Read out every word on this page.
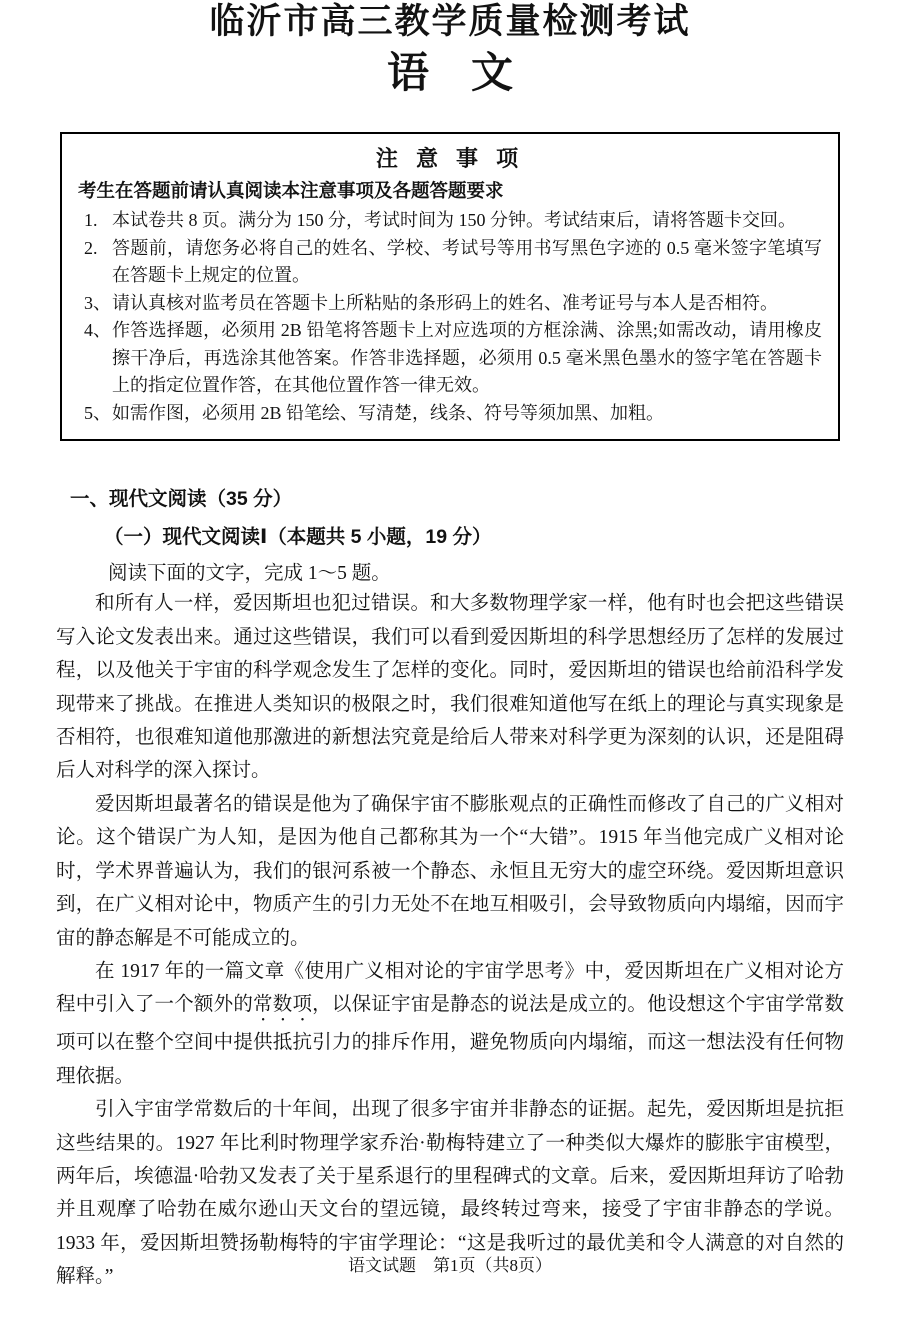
临沂市高三教学质量检测考试
语　文
注 意 事 项
考生在答题前请认真阅读本注意事项及各题答题要求
1. 本试卷共 8 页。满分为 150 分，考试时间为 150 分钟。考试结束后，请将答题卡交回。
2. 答题前，请您务必将自己的姓名、学校、考试号等用书写黑色字迹的 0.5 毫米签字笔填写在答题卡上规定的位置。
3、 请认真核对监考员在答题卡上所粘贴的条形码上的姓名、准考证号与本人是否相符。
4、 作答选择题，必须用 2B 铅笔将答题卡上对应选项的方框涂满、涂黑;如需改动，请用橡皮擦干净后，再选涂其他答案。作答非选择题，必须用 0.5 毫米黑色墨水的签字笔在答题卡上的指定位置作答，在其他位置作答一律无效。
5、 如需作图，必须用 2B 铅笔绘、写清楚，线条、符号等须加黑、加粗。
一、现代文阅读（35 分）
（一）现代文阅读Ⅰ（本题共 5 小题，19 分）
阅读下面的文字，完成 1～5 题。

和所有人一样，爱因斯坦也犯过错误。和大多数物理学家一样，他有时也会把这些错误写入论文发表出来。通过这些错误，我们可以看到爱因斯坦的科学思想经历了怎样的发展过程，以及他关于宇宙的科学观念发生了怎样的变化。同时，爱因斯坦的错误也给前沿科学发现带来了挑战。在推进人类知识的极限之时，我们很难知道他写在纸上的理论与真实现象是否相符，也很难知道他那激进的新想法究竟是给后人带来对科学更为深刻的认识，还是阻碍后人对科学的深入探讨。

爱因斯坦最著名的错误是他为了确保宇宙不膨胀观点的正确性而修改了自己的广义相对论。这个错误广为人知，是因为他自己都称其为一个“大错”。1915 年当他完成广义相对论时，学术界普遍认为，我们的银河系被一个静态、永恒且无穷大的虚空环绕。爱因斯坦意识到，在广义相对论中，物质产生的引力无处不在地互相吸引，会导致物质向内塌缩，因而宇宙的静态解是不可能成立的。

在 1917 年的一篇文章《使用广义相对论的宇宙学思考》中，爱因斯坦在广义相对论方程中引入了一个额外的常数项，以保证宇宙是静态的说法是成立的。他设想这个宇宙学常数项可以在整个空间中提供抵抗引力的排斥作用，避免物质向内塌缩，而这一想法没有任何物理依据。

引入宇宙学常数后的十年间，出现了很多宇宙并非静态的证据。起先，爱因斯坦是抗拒这些结果的。1927 年比利时物理学家乔治·勒梅特建立了一种类似大爆炸的膨胀宇宙模型，两年后，埃德温·哈勃又发表了关于星系退行的里程碑式的文章。后来，爱因斯坦拜访了哈勃并且观摩了哈勃在威尔逊山天文台的望远镜，最终转过弯来，接受了宇宙非静态的学说。1933 年，爱因斯坦赞扬勒梅特的宇宙学理论：“这是我听过的最优美和令人满意的对自然的解释。”

语文试题　第1页（共8页）
